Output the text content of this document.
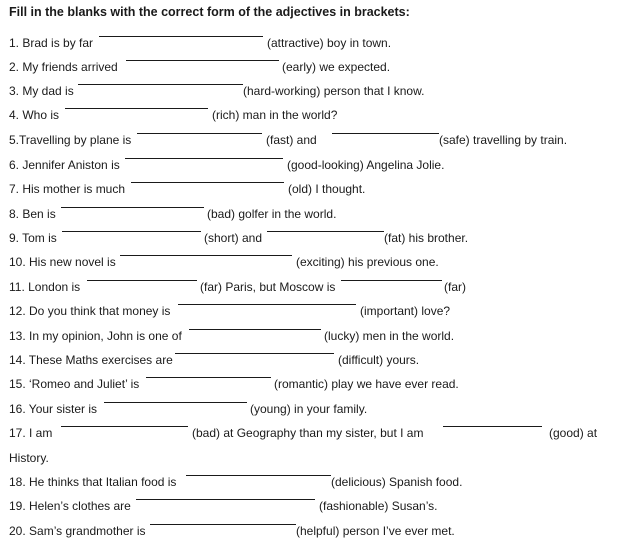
Fill in the blanks with the correct form of the adjectives in brackets:
1. Brad is by far	(attractive) boy in town.
2. My friends arrived	(early) we expected.
3. My dad is	(hard-working) person that I know.
4. Who is	(rich) man in the world?
5.Travelling by plane is	(fast) and	(safe) travelling by train.
6. Jennifer Aniston is	(good-looking) Angelina Jolie.
7. His mother is much	(old) I thought.
8. Ben is	(bad) golfer in the world.
9. Tom is	(short) and	(fat) his brother.
10. His new novel is	(exciting) his previous one.
11. London is	(far) Paris, but Moscow is	(far)
12. Do you think that money is	(important) love?
13. In my opinion, John is one of	(lucky) men in the world.
14. These Maths exercises are	(difficult) yours.
15. ‘Romeo and Juliet’ is	(romantic) play we have ever read.
16. Your sister is	(young) in your family.
17. I am	(bad) at Geography than my sister, but I am	(good) at
History.
18. He thinks that Italian food is	(delicious) Spanish food.
19. Helen’s clothes are	(fashionable) Susan’s.
20. Sam’s grandmother is	(helpful) person I’ve ever met.
